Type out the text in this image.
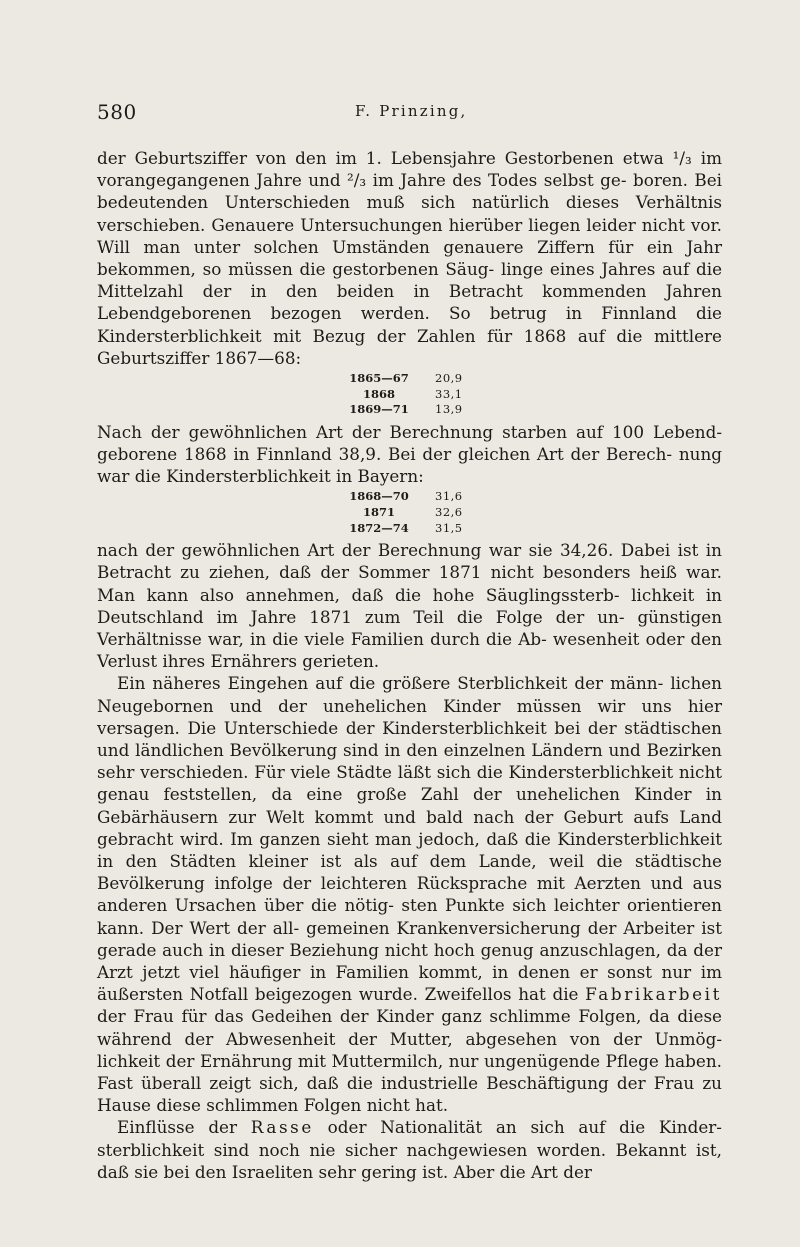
580	F. Prinzing,

der Geburtsziffer von den im 1. Lebensjahre Gestorbenen etwa ¹/₃ im vorangegangenen Jahre und ²/₃ im Jahre des Todes selbst ge- boren. Bei bedeutenden Unterschieden muß sich natürlich dieses Verhältnis verschieben. Genauere Untersuchungen hierüber liegen leider nicht vor. Will man unter solchen Umständen genauere Ziffern für ein Jahr bekommen, so müssen die gestorbenen Säug- linge eines Jahres auf die Mittelzahl der in den beiden in Betracht kommenden Jahren Lebendgeborenen bezogen werden. So betrug in Finnland die Kindersterblichkeit mit Bezug der Zahlen für 1868 auf die mittlere Geburtsziffer 1867—68:

1865—67	20,9
1868	33,1
1869—71	13,9

Nach der gewöhnlichen Art der Berechnung starben auf 100 Lebend- geborene 1868 in Finnland 38,9. Bei der gleichen Art der Berech- nung war die Kindersterblichkeit in Bayern:

1868—70	31,6
1871	32,6
1872—74	31,5

nach der gewöhnlichen Art der Berechnung war sie 34,26. Dabei ist in Betracht zu ziehen, daß der Sommer 1871 nicht besonders heiß war. Man kann also annehmen, daß die hohe Säuglingssterb- lichkeit in Deutschland im Jahre 1871 zum Teil die Folge der un- günstigen Verhältnisse war, in die viele Familien durch die Ab- wesenheit oder den Verlust ihres Ernährers gerieten.

Ein näheres Eingehen auf die größere Sterblichkeit der männ- lichen Neugebornen und der unehelichen Kinder müssen wir uns hier versagen. Die Unterschiede der Kindersterblichkeit bei der städtischen und ländlichen Bevölkerung sind in den einzelnen Ländern und Bezirken sehr verschieden. Für viele Städte läßt sich die Kindersterblichkeit nicht genau feststellen, da eine große Zahl der unehelichen Kinder in Gebärhäusern zur Welt kommt und bald nach der Geburt aufs Land gebracht wird. Im ganzen sieht man jedoch, daß die Kindersterblichkeit in den Städten kleiner ist als auf dem Lande, weil die städtische Bevölkerung infolge der leichteren Rücksprache mit Aerzten und aus anderen Ursachen über die nötig- sten Punkte sich leichter orientieren kann. Der Wert der all- gemeinen Krankenversicherung der Arbeiter ist gerade auch in dieser Beziehung nicht hoch genug anzuschlagen, da der Arzt jetzt viel häufiger in Familien kommt, in denen er sonst nur im äußersten Notfall beigezogen wurde. Zweifellos hat die Fabrikarbeit der Frau für das Gedeihen der Kinder ganz schlimme Folgen, da diese während der Abwesenheit der Mutter, abgesehen von der Unmög- lichkeit der Ernährung mit Muttermilch, nur ungenügende Pflege haben. Fast überall zeigt sich, daß die industrielle Beschäftigung der Frau zu Hause diese schlimmen Folgen nicht hat.

Einflüsse der Rasse oder Nationalität an sich auf die Kinder- sterblichkeit sind noch nie sicher nachgewiesen worden. Bekannt ist, daß sie bei den Israeliten sehr gering ist. Aber die Art der
